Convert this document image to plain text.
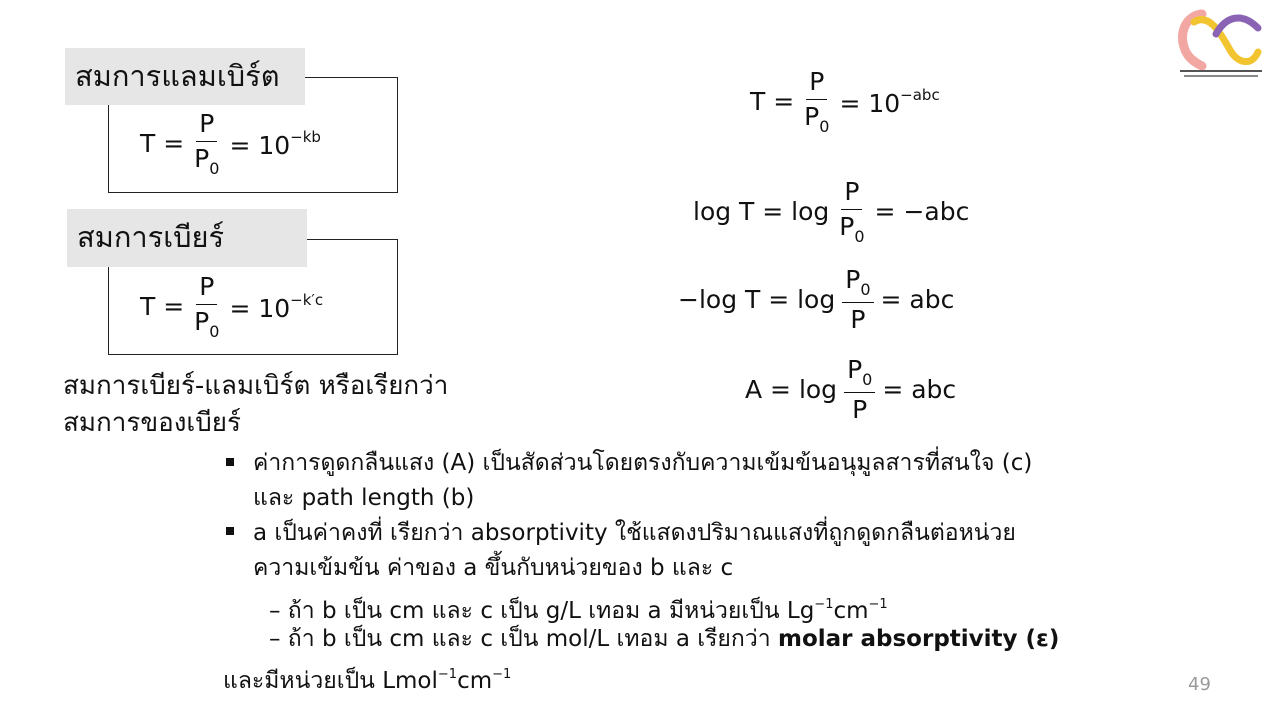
สมการแลมเบิร์ต
$T = \frac{P}{P_0} = 10^{-kb}$
สมการเบียร์
$T = \frac{P}{P_0} = 10^{-k'c}$
สมการเบียร์-แลมเบิร์ต หรือเรียกว่า
สมการของเบียร์
$T = \frac{P}{P_0} = 10^{-abc}$
$\log T = \log \frac{P}{P_0} = -abc$
−log $T = \log \frac{P_0}{P}$ = abc
$A = \log \frac{P_0}{P}$ = abc
ค่าการดูดกลืนแสง (A) เป็นสัดส่วนโดยตรงกับความเข้มข้นอนุมูลสารที่สนใจ (c)
และ path length (b)
a เป็นค่าคงที่ เรียกว่า absorptivity ใช้แสดงปริมาณแสงที่ถูกดูดกลืนต่อหน่วย
ความเข้มข้น ค่าของ a ขึ้นกับหน่วยของ b และ c
– ถ้า b เป็น cm และ c เป็น g/L เทอม a มีหน่วยเป็น $Lg^{-1}cm^{-1}$
– ถ้า b เป็น cm และ c เป็น mol/L เทอม a เรียกว่า molar absorptivity (ε)
และมีหน่วยเป็น $Lmol^{-1}cm^{-1}$	49
